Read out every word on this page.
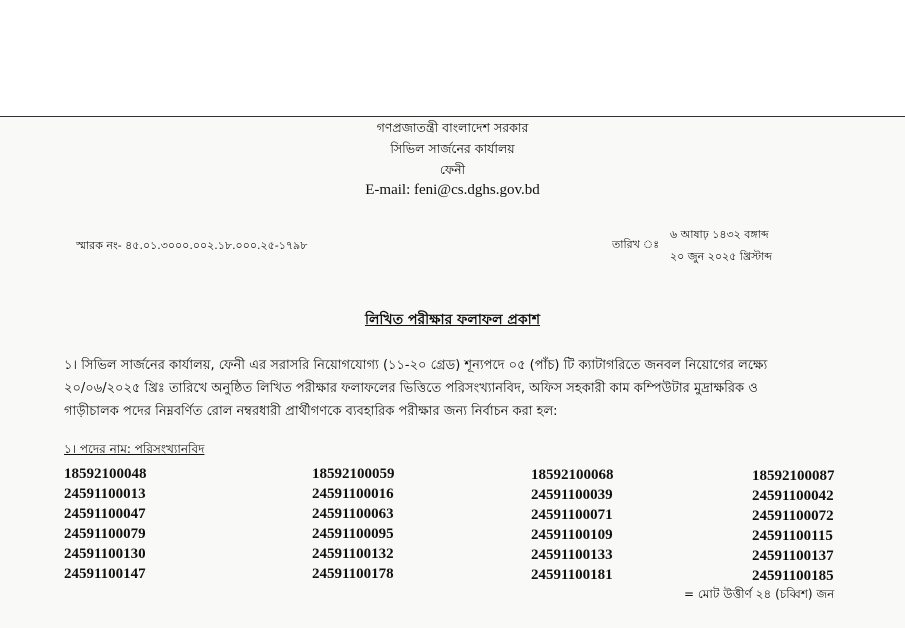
গণপ্রজাতন্ত্রী বাংলাদেশ সরকার
সিভিল সার্জনের কার্যালয়
ফেনী
E-mail: feni@cs.dghs.gov.bd
স্মারক নং- ৪৫.০১.৩০০০.০০২.১৮.০০০.২৫-১৭৯৮	তারিখ ঃ
৬ আষাঢ় ১৪৩২ বঙ্গাব্দ
২০ জুন ২০২৫ খ্রিস্টাব্দ
লিখিত পরীক্ষার ফলাফল প্রকাশ
১। সিভিল সার্জনের কার্যালয়, ফেনী এর সরাসরি নিয়োগযোগ্য (১১-২০ গ্রেড) শূন্যপদে ০৫ (পাঁচ) টি ক্যাটাগরিতে জনবল নিয়োগের লক্ষ্যে
২০/০৬/২০২৫ খ্রিঃ তারিখে অনুষ্ঠিত লিখিত পরীক্ষার ফলাফলের ভিত্তিতে পরিসংখ্যানবিদ, অফিস সহকারী কাম কম্পিউটার মুদ্রাক্ষরিক ও
গাড়ীচালক পদের নিম্নবর্ণিত রোল নম্বরধারী প্রার্থীগণকে ব্যবহারিক পরীক্ষার জন্য নির্বাচন করা হল:
১। পদের নাম: পরিসংখ্যানবিদ
18592100048
24591100013
24591100047
24591100079
24591100130
24591100147
18592100059
24591100016
24591100063
24591100095
24591100132
24591100178
18592100068
24591100039
24591100071
24591100109
24591100133
24591100181
18592100087
24591100042
24591100072
24591100115
24591100137
24591100185
= মোট উত্তীর্ণ ২৪ (চব্বিশ) জন
